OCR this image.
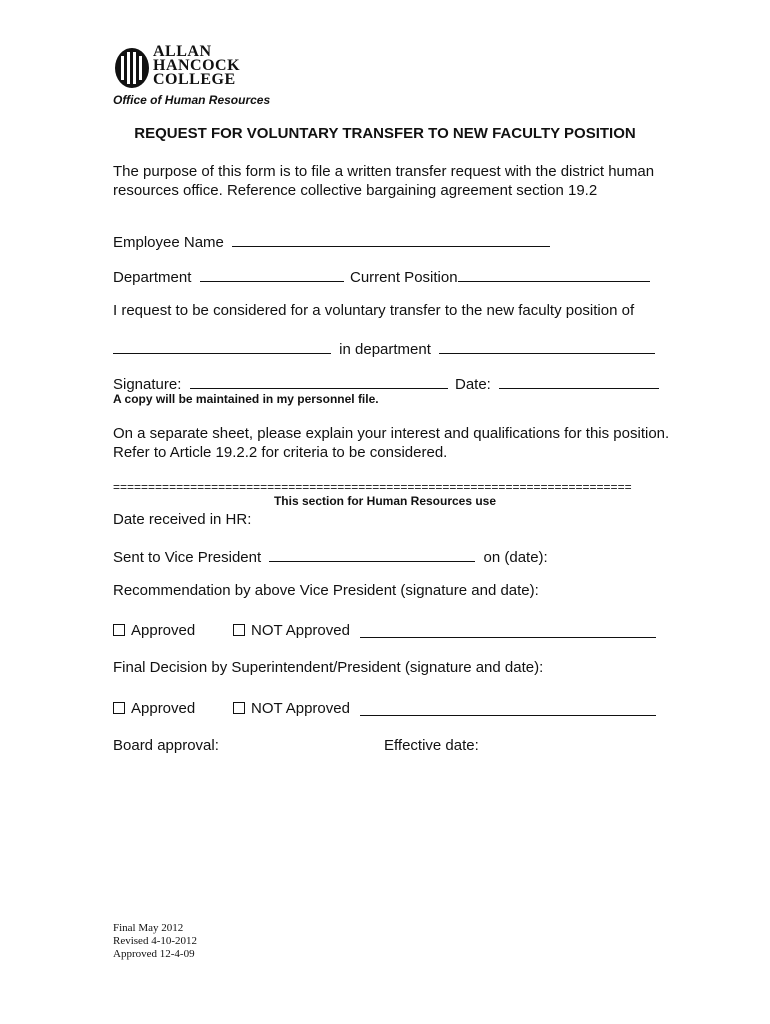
ALLAN
HANCOCK
COLLEGE
Office of Human Resources
REQUEST FOR VOLUNTARY TRANSFER TO NEW FACULTY POSITION
The purpose of this form is to file a written transfer request with the district human resources office. Reference collective bargaining agreement section 19.2
Employee Name
Department	Current Position
I request to be considered for a voluntary transfer to the new faculty position of
in department
Signature:	Date:
A copy will be maintained in my personnel file.
On a separate sheet, please explain your interest and qualifications for this position. Refer to Article 19.2.2 for criteria to be considered.
==========================================================================
This section for Human Resources use
Date received in HR:
Sent to Vice President	on (date):
Recommendation by above Vice President (signature and date):
Approved	NOT Approved
Final Decision by Superintendent/President (signature and date):
Approved	NOT Approved
Board approval:	Effective date:
Final May 2012
Revised 4-10-2012
Approved 12-4-09
